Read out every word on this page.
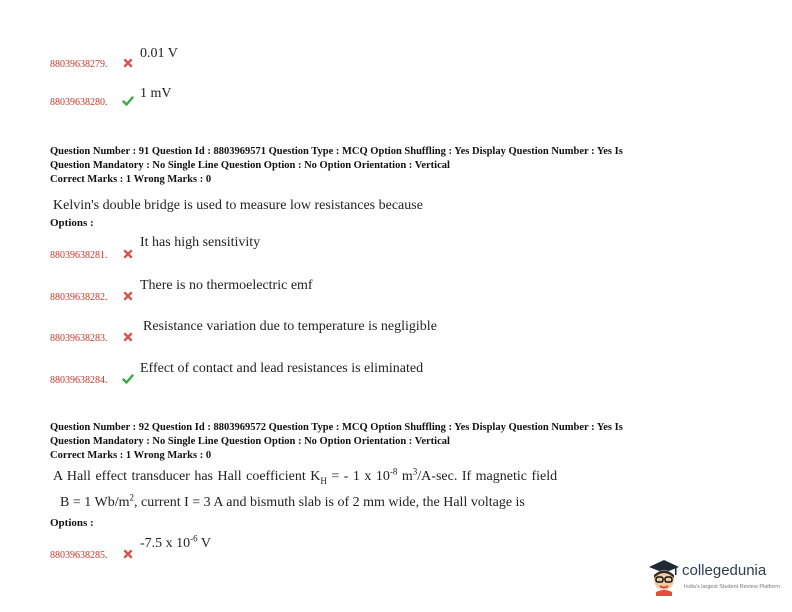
88039638279.
0.01 V
88039638280.
1 mV
Question Number : 91 Question Id : 8803969571 Question Type : MCQ Option Shuffling : Yes Display Question Number : Yes Is
Question Mandatory : No Single Line Question Option : No Option Orientation : Vertical
Correct Marks : 1 Wrong Marks : 0
Kelvin's double bridge is used to measure low resistances because
Options :
88039638281.
It has high sensitivity
88039638282.
There is no thermoelectric emf
88039638283.
Resistance variation due to temperature is negligible
88039638284.
Effect of contact and lead resistances is eliminated
Question Number : 92 Question Id : 8803969572 Question Type : MCQ Option Shuffling : Yes Display Question Number : Yes Is
Question Mandatory : No Single Line Question Option : No Option Orientation : Vertical
Correct Marks : 1 Wrong Marks : 0
A Hall effect transducer has Hall coefficient $K_H$ = - 1 x $10^{-8}$ $m^3/A-\sec$. If magnetic field
B = 1 $Wb/m^2$, current I = 3 A and bismuth slab is of 2 mm wide, the Hall voltage is
Options :
88039638285.
-7.5 x $10^{-6}$ V
collegedunia
India's largest Student Review Platform
